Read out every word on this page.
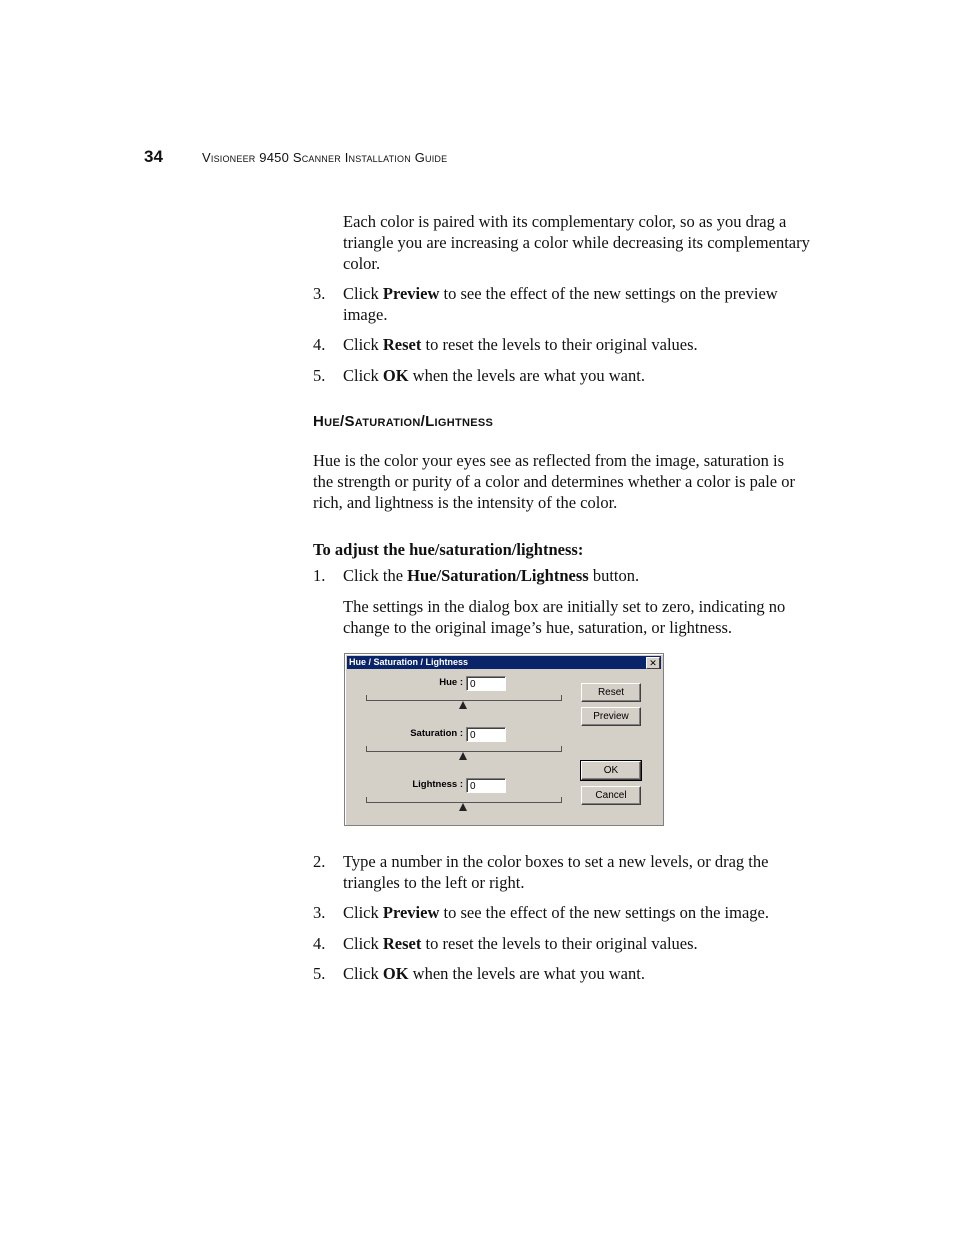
34	Visioneer 9450 Scanner Installation Guide

Each color is paired with its complementary color, so as you drag a triangle you are increasing a color while decreasing its complementary color.

3. Click Preview to see the effect of the new settings on the preview image.

4. Click Reset to reset the levels to their original values.

5. Click OK when the levels are what you want.

Hue/Saturation/Lightness

Hue is the color your eyes see as reflected from the image, saturation is the strength or purity of a color and determines whether a color is pale or rich, and lightness is the intensity of the color.

To adjust the hue/saturation/lightness:

1. Click the Hue/Saturation/Lightness button.

The settings in the dialog box are initially set to zero, indicating no change to the original image’s hue, saturation, or lightness.

Hue / Saturation / Lightness	✕
Hue : 0
Saturation : 0
Lightness : 0
Reset
Preview
OK
Cancel
2. Type a number in the color boxes to set a new levels, or drag the triangles to the left or right.

3. Click Preview to see the effect of the new settings on the image.

4. Click Reset to reset the levels to their original values.

5. Click OK when the levels are what you want.
